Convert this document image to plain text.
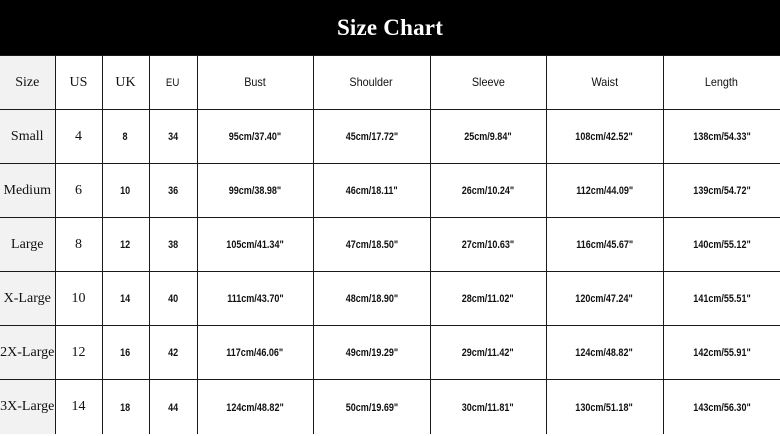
Size Chart
Size	US	UK	EU	Bust	Shoulder	Sleeve	Waist	Length
Small	4	8	34	95cm/37.40"	45cm/17.72"	25cm/9.84"	108cm/42.52"	138cm/54.33"
Medium	6	10	36	99cm/38.98"	46cm/18.11"	26cm/10.24"	112cm/44.09"	139cm/54.72"
Large	8	12	38	105cm/41.34"	47cm/18.50"	27cm/10.63"	116cm/45.67"	140cm/55.12"
X-Large	10	14	40	111cm/43.70"	48cm/18.90"	28cm/11.02"	120cm/47.24"	141cm/55.51"
2X-Large	12	16	42	117cm/46.06"	49cm/19.29"	29cm/11.42"	124cm/48.82"	142cm/55.91"
3X-Large	14	18	44	124cm/48.82"	50cm/19.69"	30cm/11.81"	130cm/51.18"	143cm/56.30"
